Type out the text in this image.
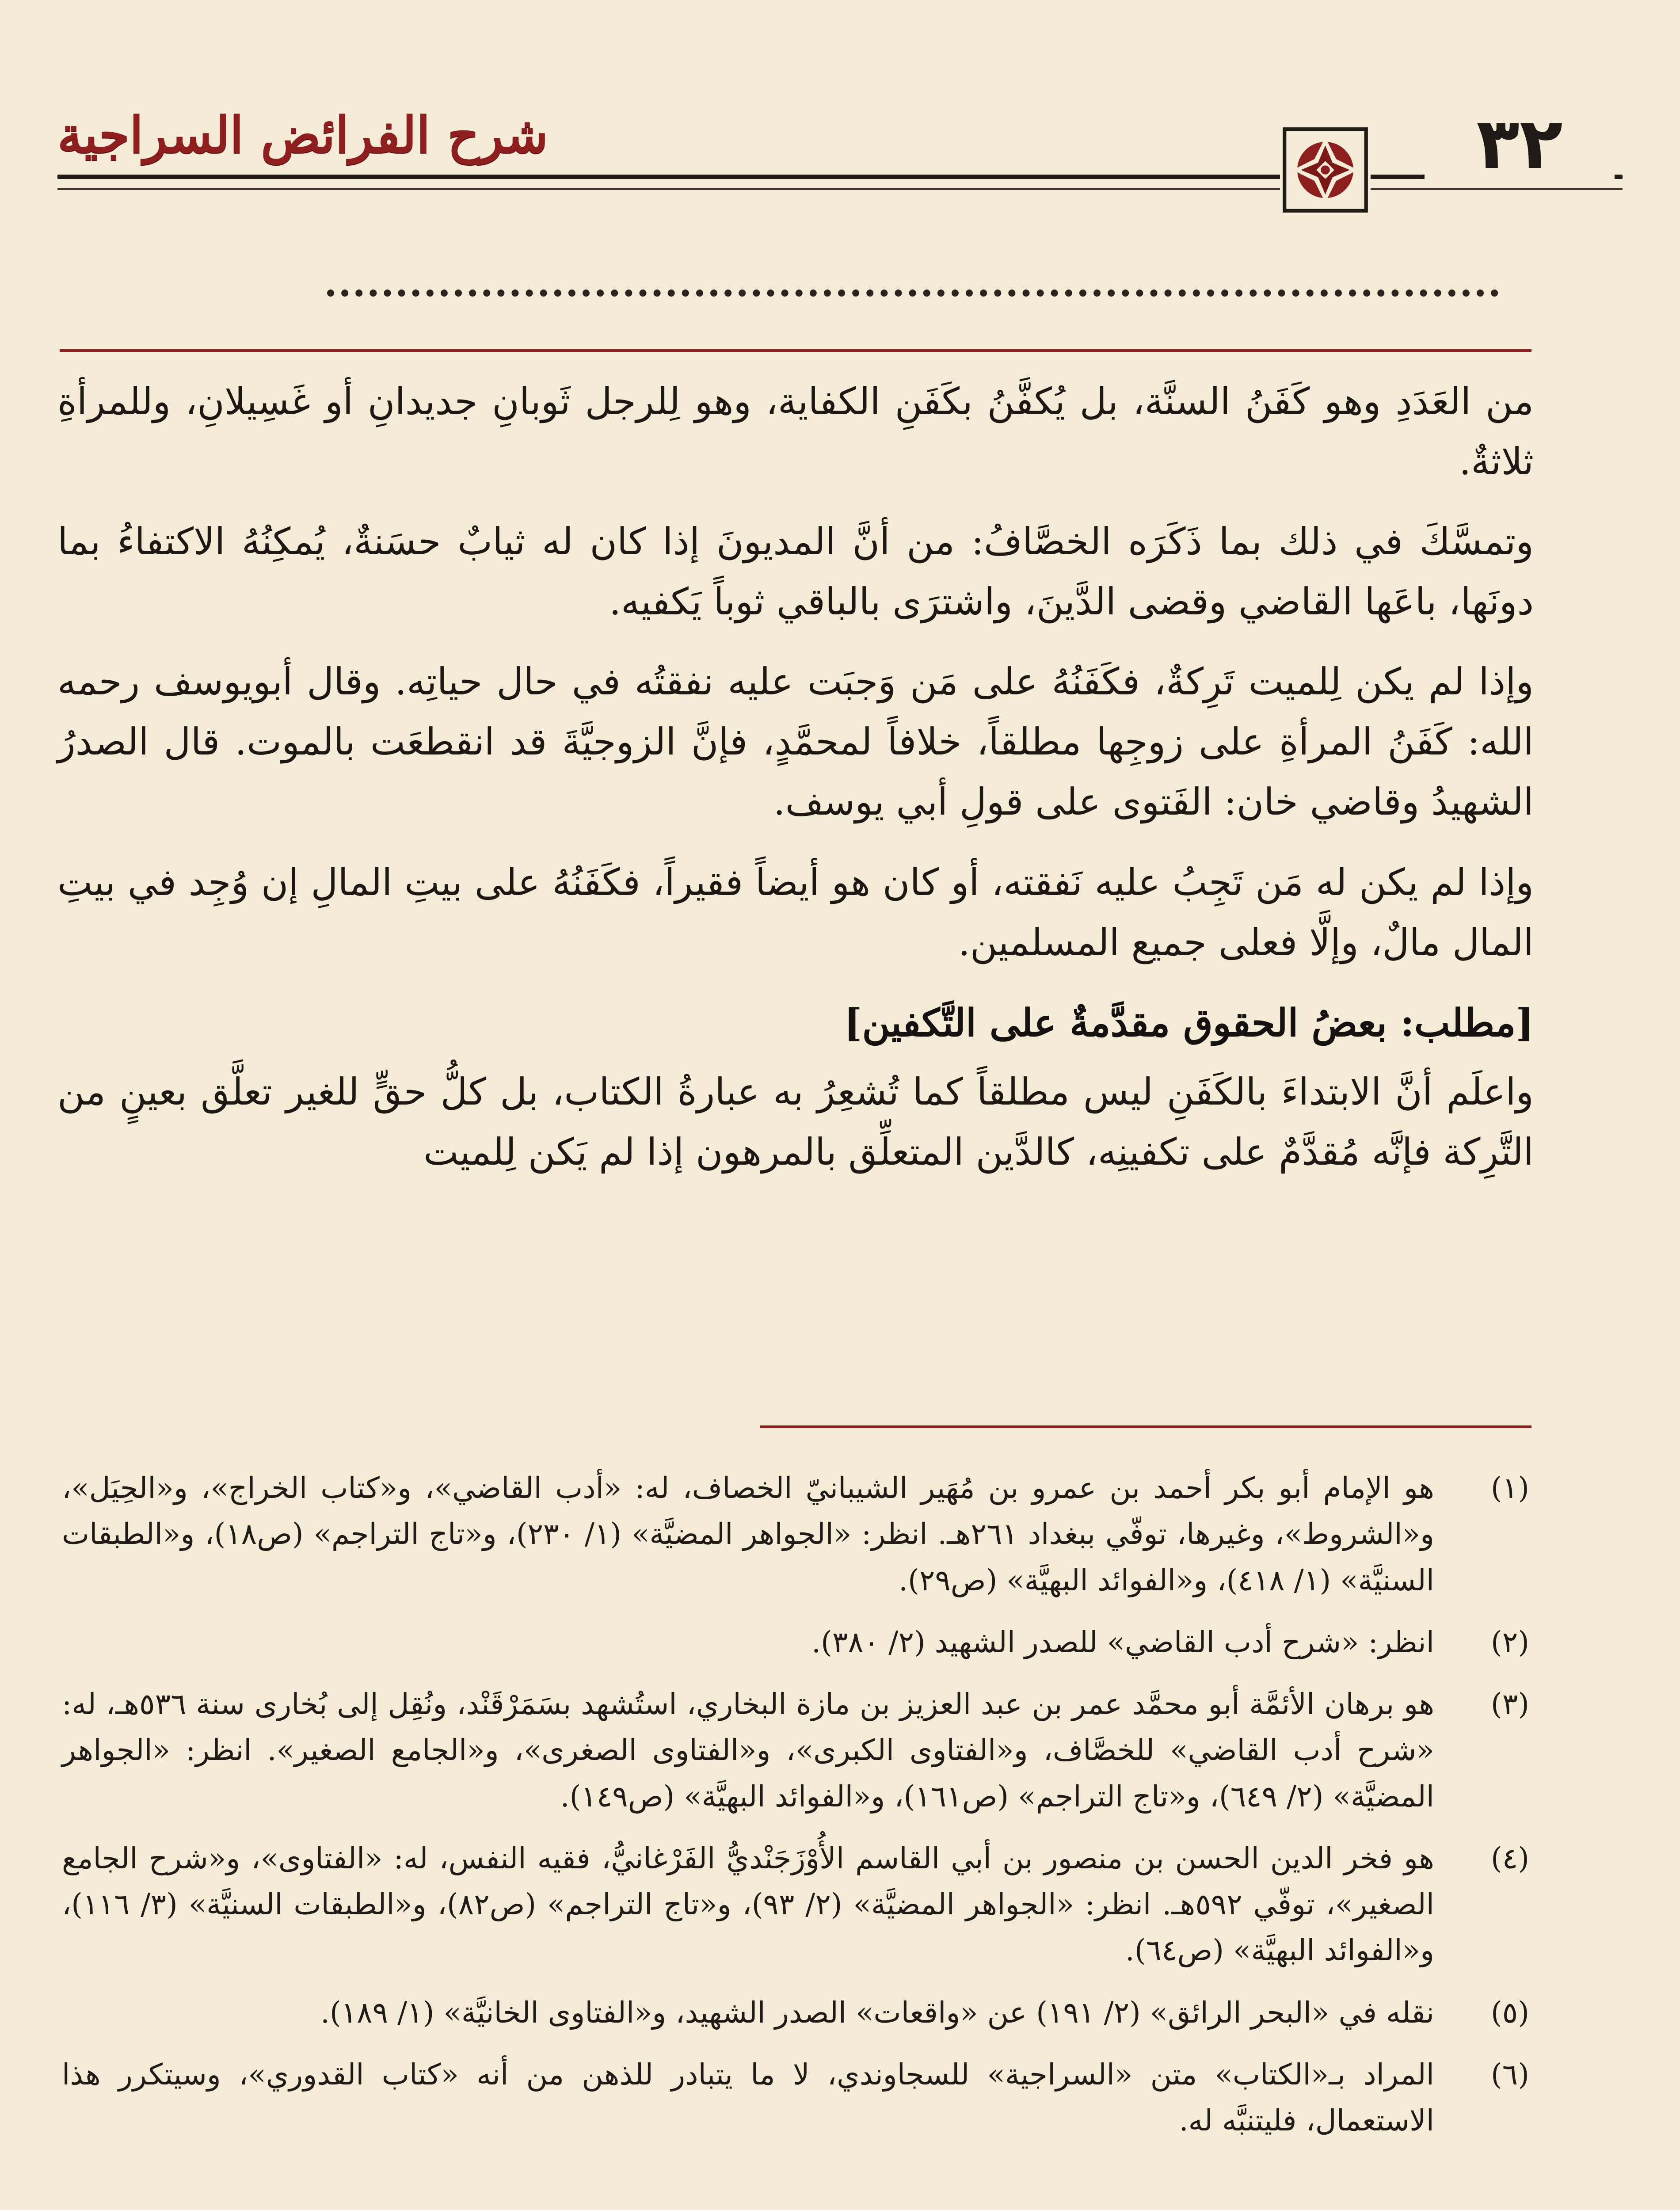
شرح الفرائض السراجية	٣٢

من العَدَدِ وهو كَفَنُ السنَّة، بل يُكفَّنُ بكَفَنِ الكفاية، وهو لِلرجل ثَوبانِ جديدانِ أو غَسِيلانِ، وللمرأةِ ثلاثةٌ.

وتمسَّكَ في ذلك بما ذَكَرَه الخصَّافُ: من أنَّ المديونَ إذا كان له ثيابٌ حسَنةٌ، يُمكِنُهُ الاكتفاءُ بما دونَها، باعَها القاضي وقضى الدَّينَ، واشترَى بالباقي ثوباً يَكفيه.

وإذا لم يكن لِلميت تَرِكةٌ، فكَفَنُهُ على مَن وَجبَت عليه نفقتُه في حال حياتِه. وقال أبويوسف رحمه الله: كَفَنُ المرأةِ على زوجِها مطلقاً، خلافاً لمحمَّدٍ، فإنَّ الزوجيَّةَ قد انقطعَت بالموت. قال الصدرُ الشهيدُ وقاضي خان: الفَتوى على قولِ أبي يوسف.

وإذا لم يكن له مَن تَجِبُ عليه نَفقته، أو كان هو أيضاً فقيراً، فكَفَنُهُ على بيتِ المالِ إن وُجِد في بيتِ المال مالٌ، وإلَّا فعلى جميع المسلمين.

[مطلب: بعضُ الحقوق مقدَّمةٌ على التَّكفين]

واعلَم أنَّ الابتداءَ بالكَفَنِ ليس مطلقاً كما تُشعِرُ به عبارةُ الكتاب، بل كلُّ حقٍّ للغير تعلَّق بعينٍ من التَّرِكة فإنَّه مُقدَّمٌ على تكفينِه، كالدَّين المتعلِّق بالمرهون إذا لم يَكن لِلميت

(١)
هو الإمام أبو بكر أحمد بن عمرو بن مُهَير الشيبانيّ الخصاف، له: «أدب القاضي»، و«كتاب الخراج»، و«الحِيَل»، و«الشروط»، وغيرها، توفّي ببغداد ٢٦١هـ. انظر: «الجواهر المضيَّة» (١/ ٢٣٠)، و«تاج التراجم» (ص١٨)، و«الطبقات السنيَّة» (١/ ٤١٨)، و«الفوائد البهيَّة» (ص٢٩).
(٢)
انظر: «شرح أدب القاضي» للصدر الشهيد (٢/ ٣٨٠).
(٣)
هو برهان الأئمَّة أبو محمَّد عمر بن عبد العزيز بن مازة البخاري، استُشهد بسَمَرْقَنْد، ونُقِل إلى بُخارى سنة ٥٣٦هـ، له: «شرح أدب القاضي» للخصَّاف، و«الفتاوى الكبرى»، و«الفتاوى الصغرى»، و«الجامع الصغير». انظر: «الجواهر المضيَّة» (٢/ ٦٤٩)، و«تاج التراجم» (ص١٦١)، و«الفوائد البهيَّة» (ص١٤٩).
(٤)
هو فخر الدين الحسن بن منصور بن أبي القاسم الأُوْزَجَنْديُّ الفَرْغانيُّ، فقيه النفس، له: «الفتاوى»، و«شرح الجامع الصغير»، توفّي ٥٩٢هـ. انظر: «الجواهر المضيَّة» (٢/ ٩٣)، و«تاج التراجم» (ص٨٢)، و«الطبقات السنيَّة» (٣/ ١١٦)، و«الفوائد البهيَّة» (ص٦٤).
(٥)
نقله في «البحر الرائق» (٢/ ١٩١) عن «واقعات» الصدر الشهيد، و«الفتاوى الخانيَّة» (١/ ١٨٩).
(٦)
المراد بـ«الكتاب» متن «السراجية» للسجاوندي، لا ما يتبادر للذهن من أنه «كتاب القدوري»، وسيتكرر هذا الاستعمال، فليتنبَّه له.
